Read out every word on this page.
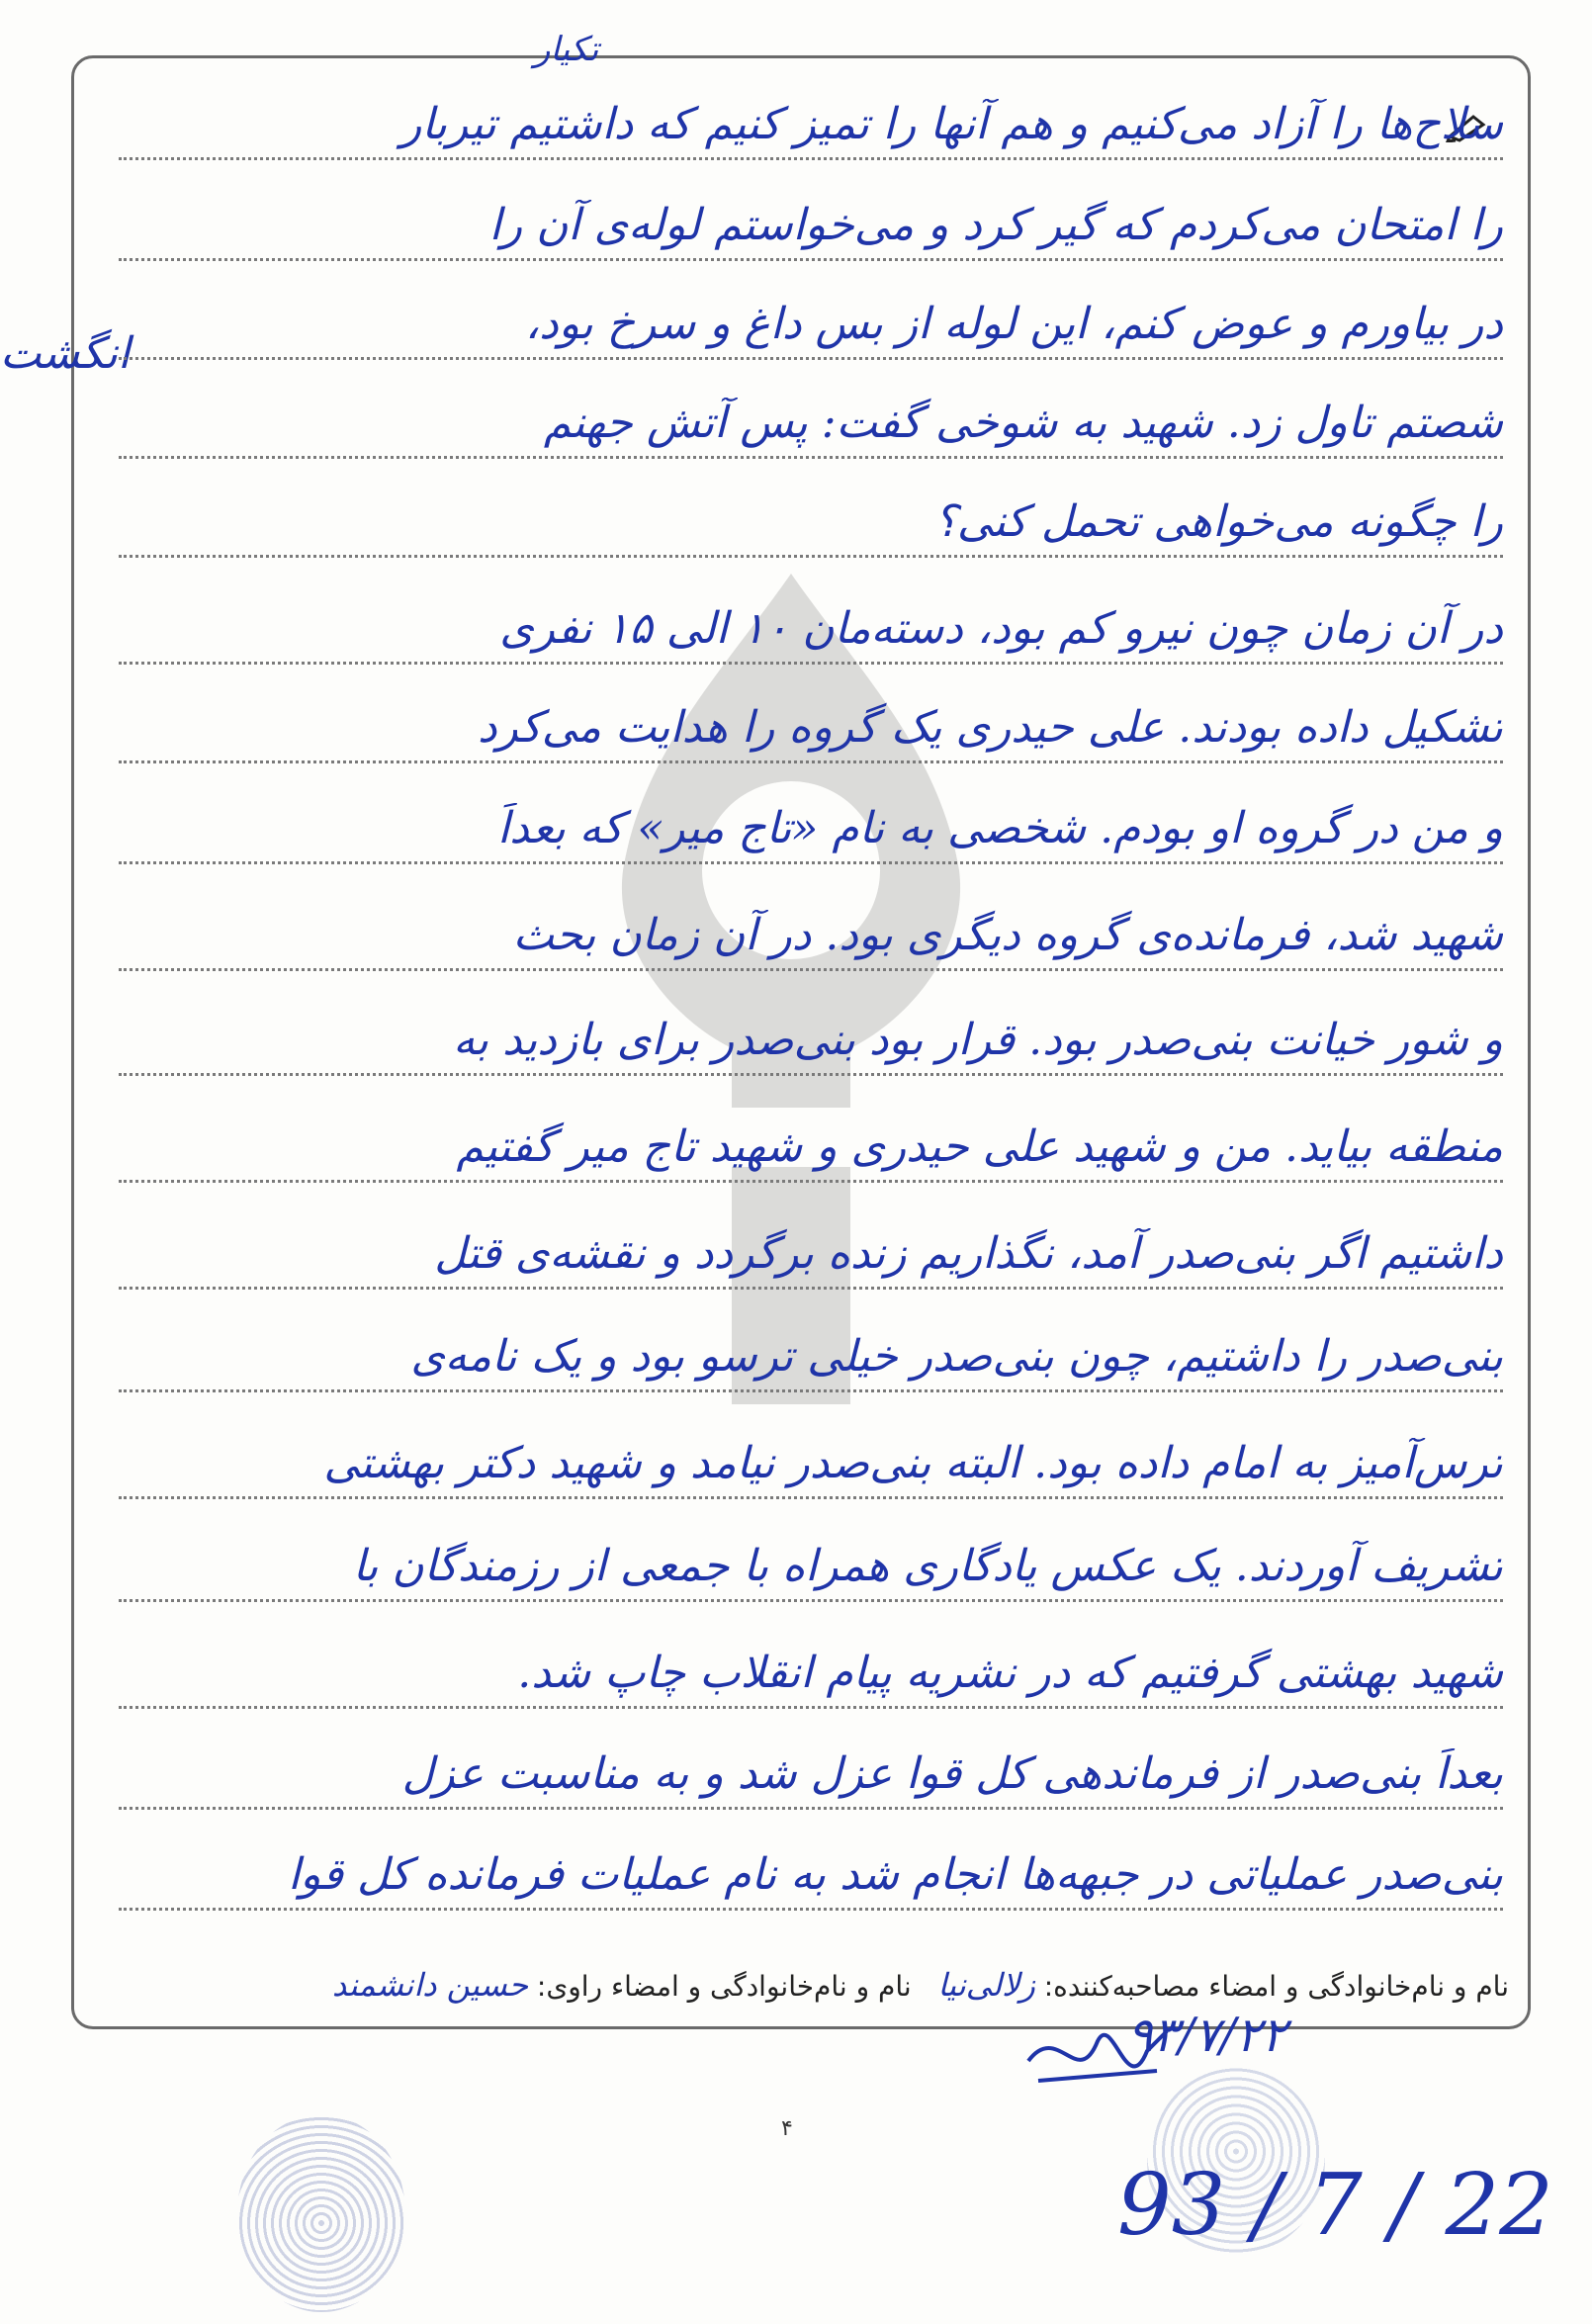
تکیار
انگشت
سلاح‌ها را آزاد می‌کنیم و هم آنها را تمیز کنیم که داشتیم تیربار
را امتحان می‌کردم که گیر کرد و می‌خواستم لوله‌ی آن را
در بیاورم و عوض کنم، این لوله از بس داغ و سرخ بود،
شصتم تاول زد. شهید به شوخی گفت: پس آتش جهنم
را چگونه می‌خواهی تحمل کنی؟
در آن زمان چون نیرو کم بود، دسته‌مان ۱۰ الی ۱۵ نفری
تشکیل داده بودند. علی حیدری یک گروه را هدایت می‌کرد
و من در گروه او بودم. شخصی به نام «تاج میر» که بعداً
شهید شد، فرمانده‌ی گروه دیگری بود. در آن زمان بحث
و شور خیانت بنی‌صدر بود. قرار بود بنی‌صدر برای بازدید به
منطقه بیاید. من و شهید علی حیدری و شهید تاج میر گفتیم
داشتیم اگر بنی‌صدر آمد، نگذاریم زنده برگردد و نقشه‌ی قتل
بنی‌صدر را داشتیم، چون بنی‌صدر خیلی ترسو بود و یک نامه‌ی
ترس‌آمیز به امام داده بود. البته بنی‌صدر نیامد و شهید دکتر بهشتی
تشریف آوردند. یک عکس یادگاری همراه با جمعی از رزمندگان با
شهید بهشتی گرفتیم که در نشریه پیام انقلاب چاپ شد.
بعداً بنی‌صدر از فرماندهی کل قوا عزل شد و به مناسبت عزل
بنی‌صدر عملیاتی در جبهه‌ها انجام شد به نام عملیات فرمانده کل قوا
نام و نام‌خانوادگی و امضاء مصاحبه‌کننده: زلالی‌نیا   نام و نام‌خانوادگی و امضاء راوی: حسین دانشمند
۹۳/۷/۲۲
۴
93 / 7 / 22
